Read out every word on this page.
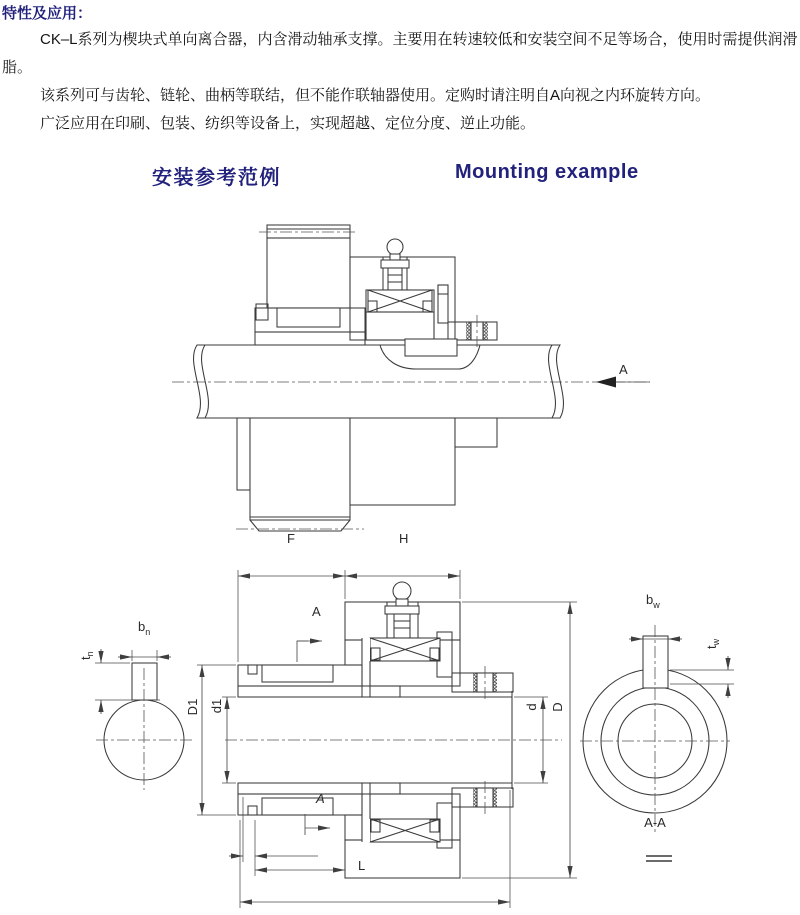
特性及应用：

CK–L系列为楔块式单向离合器，内含滑动轴承支撑。主要用在转速较低和安装空间不足等场合，使用时需提供润滑脂。

该系列可与齿轮、链轮、曲柄等联结，但不能作联轴器使用。定购时请注明自A向视之内环旋转方向。

广泛应用在印刷、包装、纺织等设备上，实现超越、定位分度、逆止功能。

安装参考范例	Mounting example
F	H
A
$b_n$
$t_n$
A
A
D1 d1	d D
L
$b_w$
$t_w$
A-A
